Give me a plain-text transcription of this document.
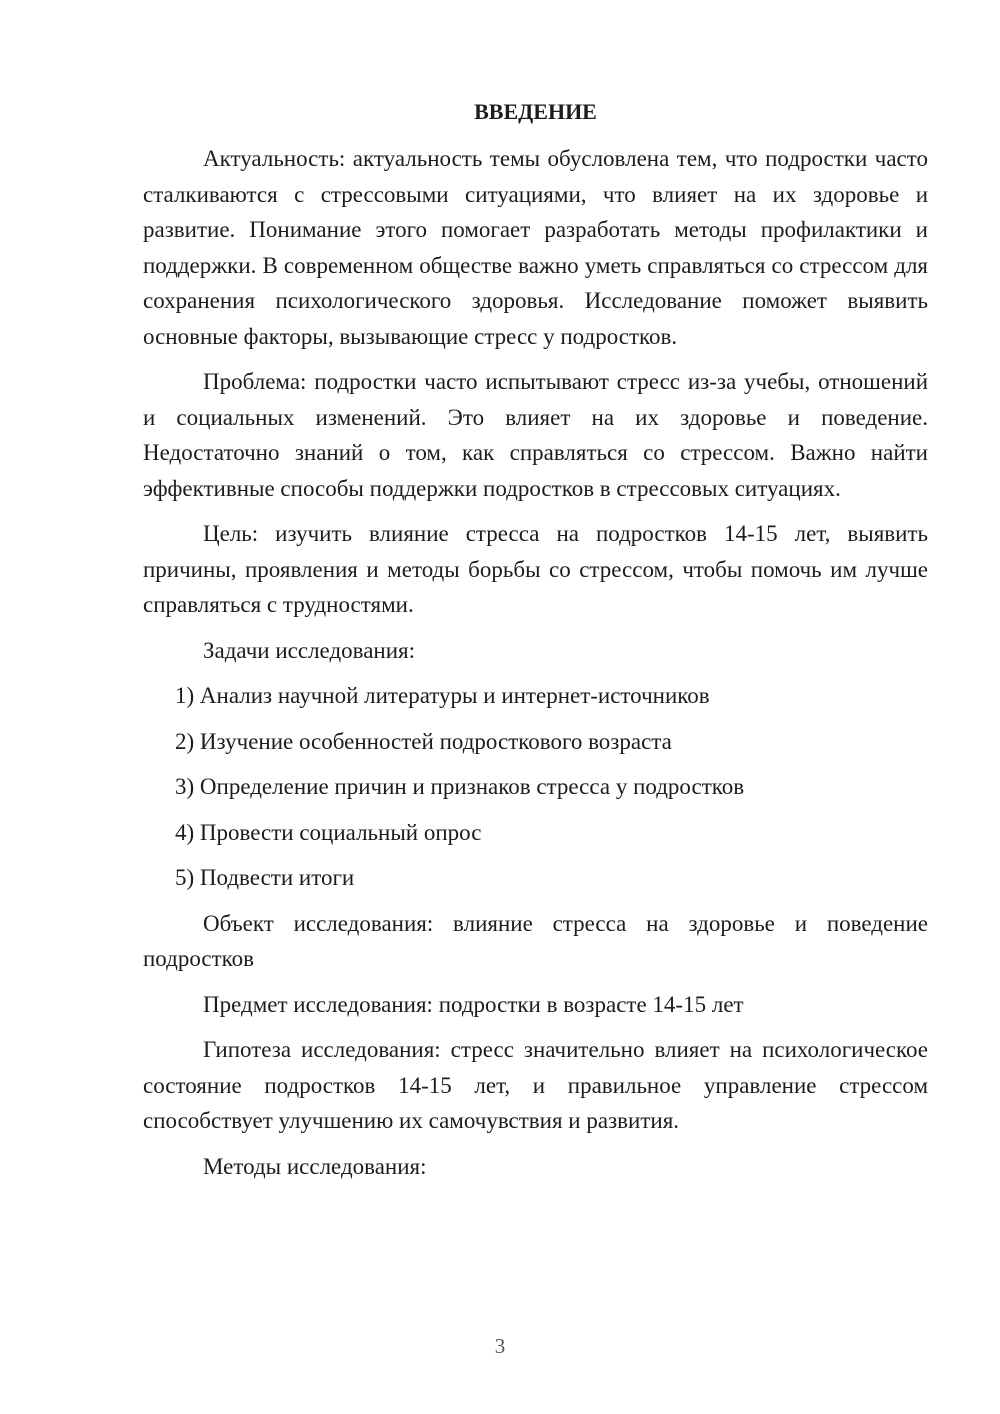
ВВЕДЕНИЕ

Актуальность: актуальность темы обусловлена тем, что подростки часто сталкиваются с стрессовыми ситуациями, что влияет на их здоровье и развитие. Понимание этого помогает разработать методы профилактики и поддержки. В современном обществе важно уметь справляться со стрессом для сохранения психологического здоровья. Исследование поможет выявить основные факторы, вызывающие стресс у подростков.

Проблема: подростки часто испытывают стресс из-за учебы, отношений и социальных изменений. Это влияет на их здоровье и поведение. Недостаточно знаний о том, как справляться со стрессом. Важно найти эффективные способы поддержки подростков в стрессовых ситуациях.

Цель: изучить влияние стресса на подростков 14-15 лет, выявить причины, проявления и методы борьбы со стрессом, чтобы помочь им лучше справляться с трудностями.

Задачи исследования:

1) Анализ научной литературы и интернет-источников
2) Изучение особенностей подросткового возраста
3) Определение причин и признаков стресса у подростков
4) Провести социальный опрос
5) Подвести итоги

Объект исследования: влияние стресса на здоровье и поведение подростков

Предмет исследования: подростки в возрасте 14-15 лет

Гипотеза исследования: стресс значительно влияет на психологическое состояние подростков 14-15 лет, и правильное управление стрессом способствует улучшению их самочувствия и развития.

Методы исследования:

3
